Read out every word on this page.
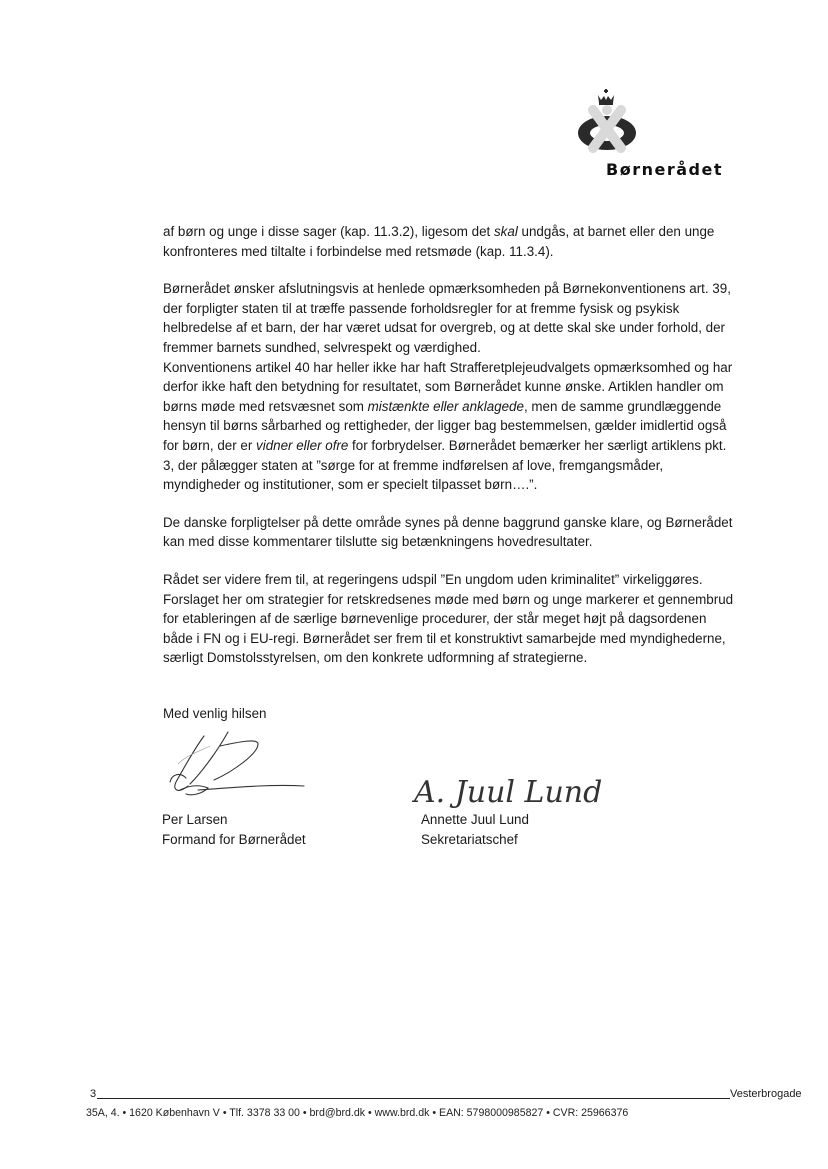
Børnerådet

af børn og unge i disse sager (kap. 11.3.2), ligesom det skal undgås, at barnet eller den unge konfronteres med tiltalte i forbindelse med retsmøde (kap. 11.3.4).

Børnerådet ønsker afslutningsvis at henlede opmærksomheden på Børnekonventionens art. 39, der forpligter staten til at træffe passende forholdsregler for at fremme fysisk og psykisk helbredelse af et barn, der har været udsat for overgreb, og at dette skal ske under forhold, der fremmer barnets sundhed, selvrespekt og værdighed.

Konventionens artikel 40 har heller ikke har haft Strafferetplejeudvalgets opmærksomhed og har derfor ikke haft den betydning for resultatet, som Børnerådet kunne ønske. Artiklen handler om børns møde med retsvæsnet som mistænkte eller anklagede, men de samme grundlæggende hensyn til børns sårbarhed og rettigheder, der ligger bag bestemmelsen, gælder imidlertid også for børn, der er vidner eller ofre for forbrydelser. Børnerådet bemærker her særligt artiklens pkt. 3, der pålægger staten at ”sørge for at fremme indførelsen af love, fremgangsmåder, myndigheder og institutioner, som er specielt tilpasset børn….”.

De danske forpligtelser på dette område synes på denne baggrund ganske klare, og Børnerådet kan med disse kommentarer tilslutte sig betænkningens hovedresultater.

Rådet ser videre frem til, at regeringens udspil ”En ungdom uden kriminalitet” virkeliggøres. Forslaget her om strategier for retskredsenes møde med børn og unge markerer et gennembrud for etableringen af de særlige børnevenlige procedurer, der står meget højt på dagsordenen både i FN og i EU-regi. Børnerådet ser frem til et konstruktivt samarbejde med myndighederne, særligt Domstolsstyrelsen, om den konkrete udformning af strategierne.

Med venlig hilsen
A. Juul Lund
Per Larsen
Formand for Børnerådet
Annette Juul Lund
Sekretariatschef
3	Vesterbrogade
35A, 4. • 1620 København V • Tlf. 3378 33 00 • brd@brd.dk • www.brd.dk • EAN: 5798000985827 • CVR: 25966376
